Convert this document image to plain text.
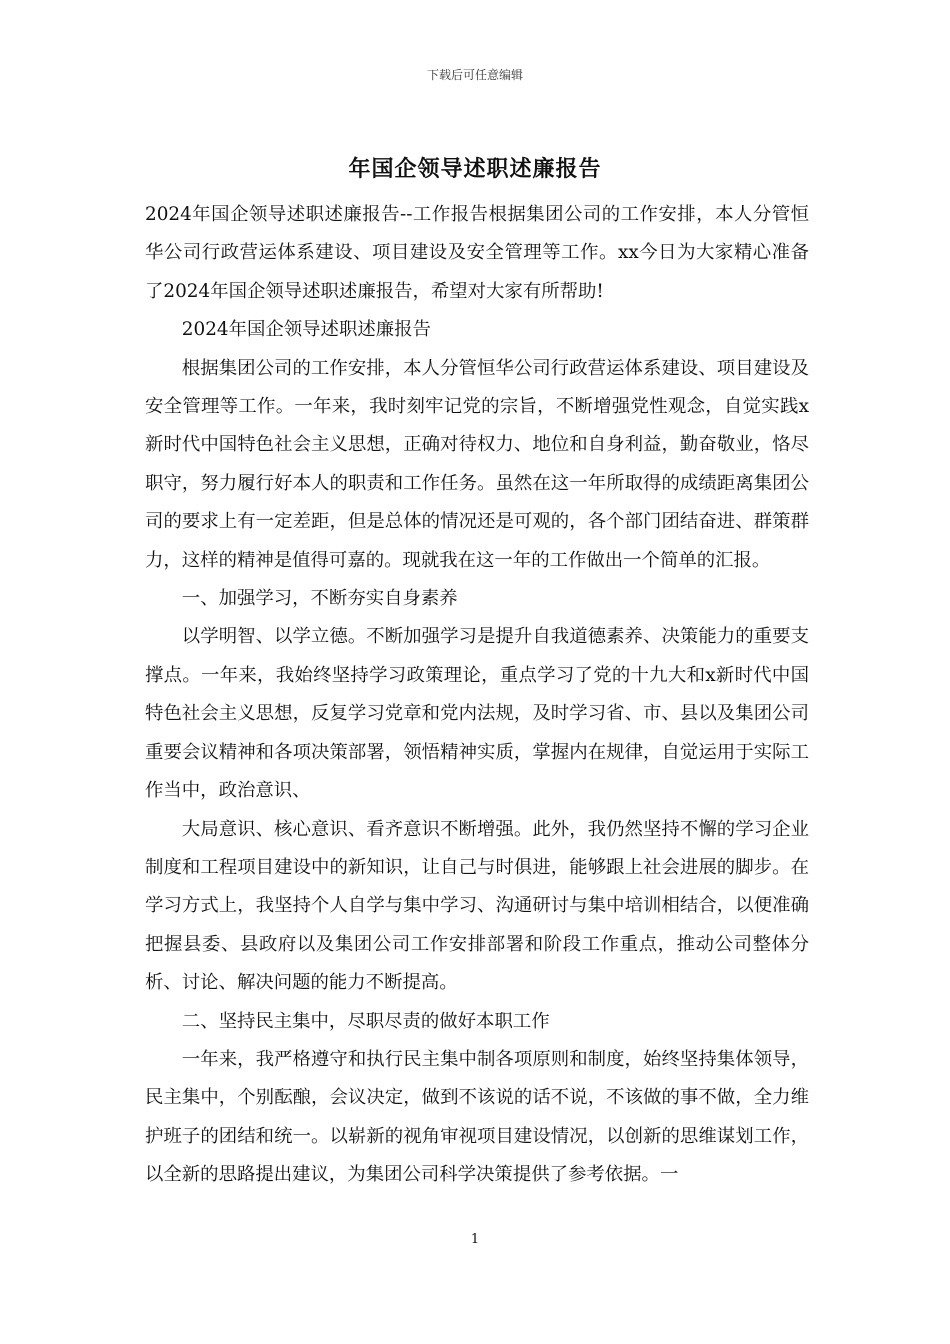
下载后可任意编辑
年国企领导述职述廉报告

2024年国企领导述职述廉报告--工作报告根据集团公司的工作安排，本人分管恒华公司行政营运体系建设、项目建设及安全管理等工作。xx今日为大家精心准备了2024年国企领导述职述廉报告，希望对大家有所帮助!

2024年国企领导述职述廉报告

根据集团公司的工作安排，本人分管恒华公司行政营运体系建设、项目建设及安全管理等工作。一年来，我时刻牢记党的宗旨，不断增强党性观念，自觉实践x新时代中国特色社会主义思想，正确对待权力、地位和自身利益，勤奋敬业，恪尽职守，努力履行好本人的职责和工作任务。虽然在这一年所取得的成绩距离集团公司的要求上有一定差距，但是总体的情况还是可观的，各个部门团结奋进、群策群力，这样的精神是值得可嘉的。现就我在这一年的工作做出一个简单的汇报。

一、加强学习，不断夯实自身素养

以学明智、以学立德。不断加强学习是提升自我道德素养、决策能力的重要支撑点。一年来，我始终坚持学习政策理论，重点学习了党的十九大和x新时代中国特色社会主义思想，反复学习党章和党内法规，及时学习省、市、县以及集团公司重要会议精神和各项决策部署，领悟精神实质，掌握内在规律，自觉运用于实际工作当中，政治意识、

大局意识、核心意识、看齐意识不断增强。此外，我仍然坚持不懈的学习企业制度和工程项目建设中的新知识，让自己与时俱进，能够跟上社会进展的脚步。在学习方式上，我坚持个人自学与集中学习、沟通研讨与集中培训相结合，以便准确把握县委、县政府以及集团公司工作安排部署和阶段工作重点，推动公司整体分析、讨论、解决问题的能力不断提高。

二、坚持民主集中，尽职尽责的做好本职工作

一年来，我严格遵守和执行民主集中制各项原则和制度，始终坚持集体领导，民主集中，个别酝酿，会议决定，做到不该说的话不说，不该做的事不做，全力维护班子的团结和统一。以崭新的视角审视项目建设情况，以创新的思维谋划工作，以全新的思路提出建议，为集团公司科学决策提供了参考依据。一

1
